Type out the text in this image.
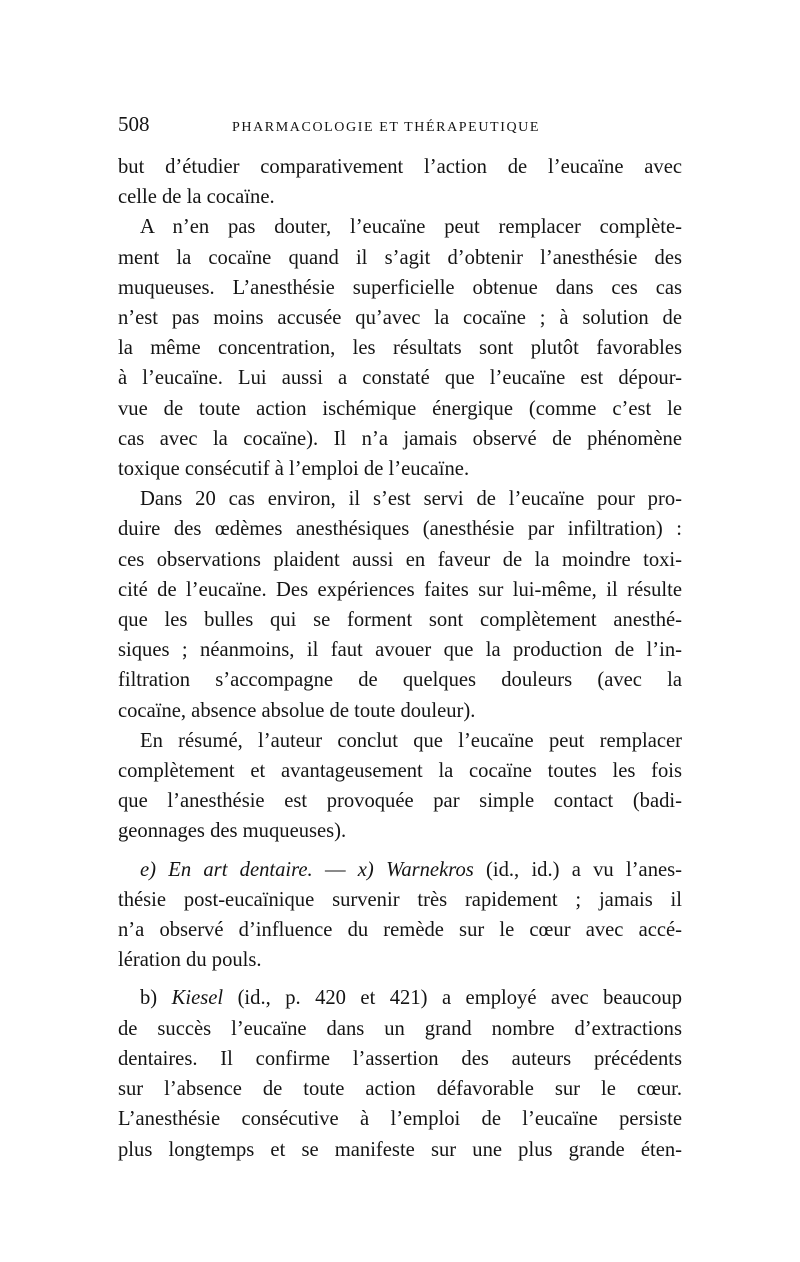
508	PHARMACOLOGIE ET THÉRAPEUTIQUE

but d’étudier comparativement l’action de l’eucaïne avec
celle de la cocaïne.

A n’en pas douter, l’eucaïne peut remplacer complète-
ment la cocaïne quand il s’agit d’obtenir l’anesthésie des
muqueuses. L’anesthésie superficielle obtenue dans ces cas
n’est pas moins accusée qu’avec la cocaïne ; à solution de
la même concentration, les résultats sont plutôt favorables
à l’eucaïne. Lui aussi a constaté que l’eucaïne est dépour-
vue de toute action ischémique énergique (comme c’est le
cas avec la cocaïne). Il n’a jamais observé de phénomène
toxique consécutif à l’emploi de l’eucaïne.

Dans 20 cas environ, il s’est servi de l’eucaïne pour pro-
duire des œdèmes anesthésiques (anesthésie par infiltration) :
ces observations plaident aussi en faveur de la moindre toxi-
cité de l’eucaïne. Des expériences faites sur lui-même, il résulte
que les bulles qui se forment sont complètement anesthé-
siques ; néanmoins, il faut avouer que la production de l’in-
filtration s’accompagne de quelques douleurs (avec la
cocaïne, absence absolue de toute douleur).

En résumé, l’auteur conclut que l’eucaïne peut remplacer
complètement et avantageusement la cocaïne toutes les fois
que l’anesthésie est provoquée par simple contact (badi-
geonnages des muqueuses).

e) En art dentaire. — x) Warnekros (id., id.) a vu l’anes-
thésie post-eucaïnique survenir très rapidement ; jamais il
n’a observé d’influence du remède sur le cœur avec accé-
lération du pouls.

b) Kiesel (id., p. 420 et 421) a employé avec beaucoup
de succès l’eucaïne dans un grand nombre d’extractions
dentaires. Il confirme l’assertion des auteurs précédents
sur l’absence de toute action défavorable sur le cœur.
L’anesthésie consécutive à l’emploi de l’eucaïne persiste
plus longtemps et se manifeste sur une plus grande éten-
